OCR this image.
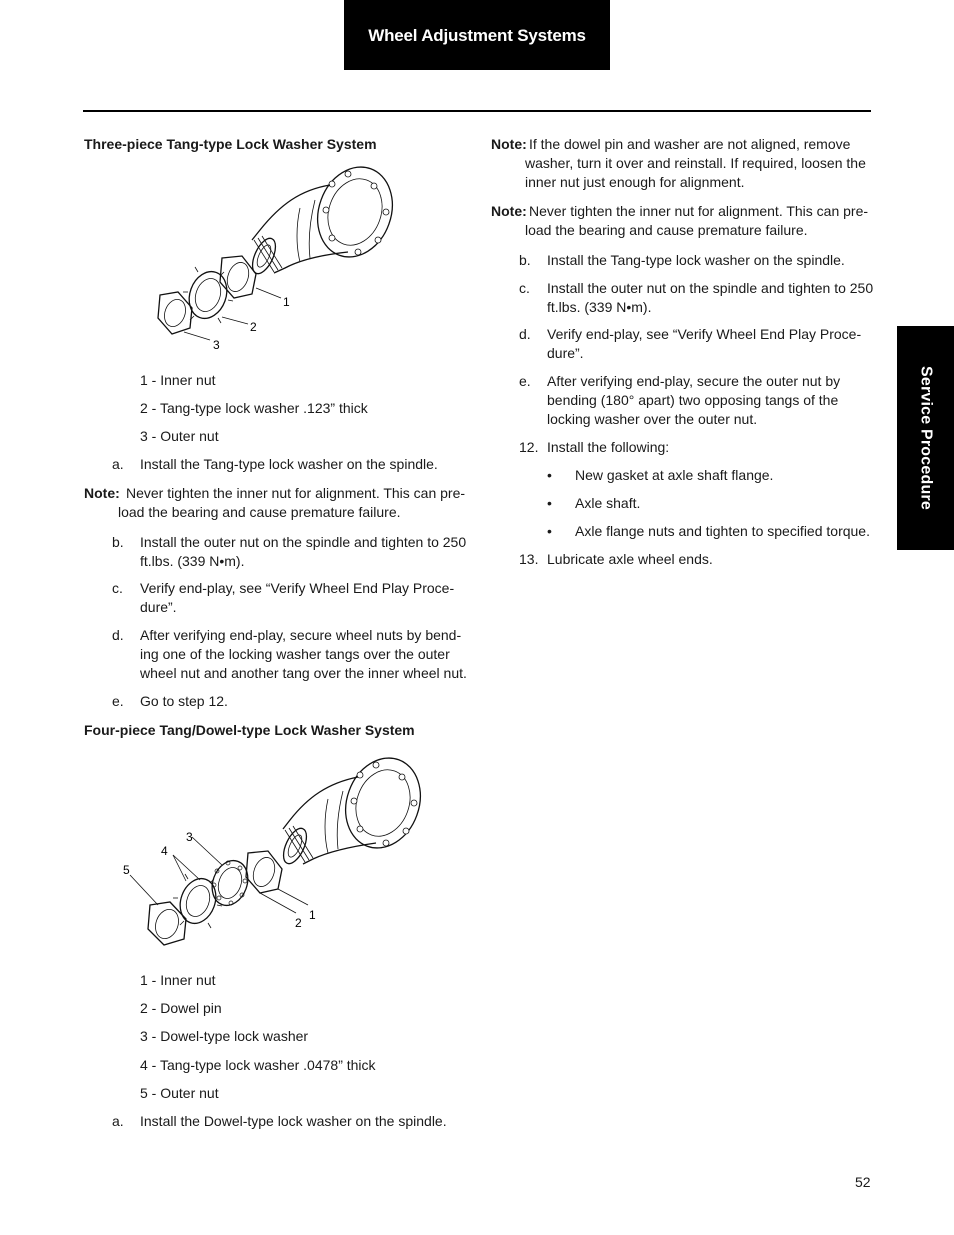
Wheel Adjustment Systems
Service Procedure

Three-piece Tang-type Lock Washer System

1
2
3

1 - Inner nut

2 - Tang-type lock washer .123” thick

3 - Outer nut

a. Install the Tang-type lock washer on the spindle.

Note: Never tighten the inner nut for alignment. This can pre-

load the bearing and cause premature failure.

b. Install the outer nut on the spindle and tighten to 250

ft.lbs. (339 N•m).

c. Verify end-play, see “Verify Wheel End Play Proce-

dure”.

d. After verifying end-play, secure wheel nuts by bend-

ing one of the locking washer tangs over the outer

wheel nut and another tang over the inner wheel nut.

e. Go to step 12.

Four-piece Tang/Dowel-type Lock Washer System

1
2
3
4
5

1 - Inner nut

2 - Dowel pin

3 - Dowel-type lock washer

4 - Tang-type lock washer .0478” thick

5 - Outer nut

a. Install the Dowel-type lock washer on the spindle.

Note: If the dowel pin and washer are not aligned, remove

washer, turn it over and reinstall. If required, loosen the

inner nut just enough for alignment.

Note: Never tighten the inner nut for alignment. This can pre-

load the bearing and cause premature failure.

b. Install the Tang-type lock washer on the spindle.

c. Install the outer nut on the spindle and tighten to 250

ft.lbs. (339 N•m).

d. Verify end-play, see “Verify Wheel End Play Proce-

dure”.

e. After verifying end-play, secure the outer nut by

bending (180° apart) two opposing tangs of the

locking washer over the outer nut.

12. Install the following:

• New gasket at axle shaft flange.

• Axle shaft.

• Axle flange nuts and tighten to specified torque.

13. Lubricate axle wheel ends.

52
